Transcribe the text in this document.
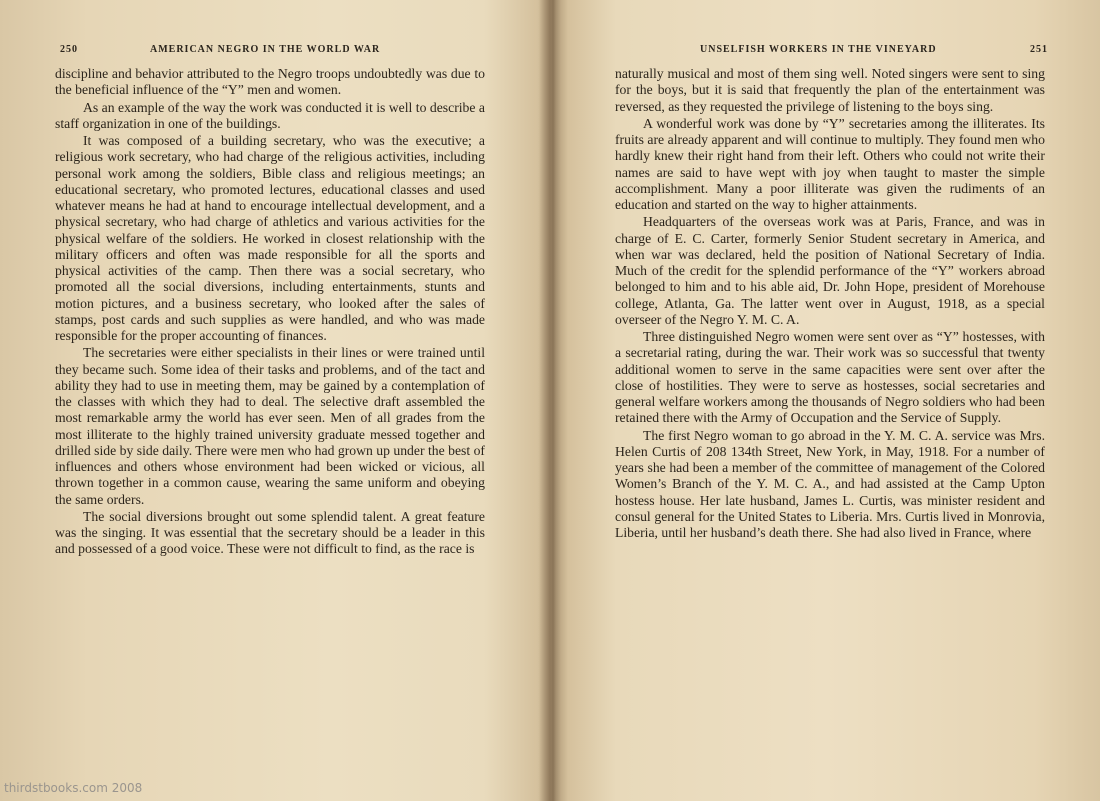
250	AMERICAN NEGRO IN THE WORLD WAR

discipline and behavior attributed to the Negro troops undoubtedly was due to the beneficial influence of the “Y” men and women.

As an example of the way the work was conducted it is well to describe a staff organization in one of the buildings.

It was composed of a building secretary, who was the executive; a religious work secretary, who had charge of the religious activities, including personal work among the soldiers, Bible class and religious meetings; an educational secretary, who promoted lectures, educational classes and used whatever means he had at hand to encourage intellectual development, and a physical secretary, who had charge of athletics and various activities for the physical welfare of the soldiers. He worked in closest relationship with the military officers and often was made responsible for all the sports and physical activities of the camp. Then there was a social secretary, who promoted all the social diversions, including entertainments, stunts and motion pictures, and a business secretary, who looked after the sales of stamps, post cards and such supplies as were handled, and who was made responsible for the proper accounting of finances.

The secretaries were either specialists in their lines or were trained until they became such. Some idea of their tasks and problems, and of the tact and ability they had to use in meeting them, may be gained by a contemplation of the classes with which they had to deal. The selective draft assembled the most remarkable army the world has ever seen. Men of all grades from the most illiterate to the highly trained university graduate messed together and drilled side by side daily. There were men who had grown up under the best of influences and others whose environment had been wicked or vicious, all thrown together in a common cause, wearing the same uniform and obeying the same orders.

The social diversions brought out some splendid talent. A great feature was the singing. It was essential that the secretary should be a leader in this and possessed of a good voice. These were not difficult to find, as the race is

UNSELFISH WORKERS IN THE VINEYARD	251

naturally musical and most of them sing well. Noted singers were sent to sing for the boys, but it is said that frequently the plan of the entertainment was reversed, as they requested the privilege of listening to the boys sing.

A wonderful work was done by “Y” secretaries among the illiterates. Its fruits are already apparent and will continue to multiply. They found men who hardly knew their right hand from their left. Others who could not write their names are said to have wept with joy when taught to master the simple accomplishment. Many a poor illiterate was given the rudiments of an education and started on the way to higher attainments.

Headquarters of the overseas work was at Paris, France, and was in charge of E. C. Carter, formerly Senior Student secretary in America, and when war was declared, held the position of National Secretary of India. Much of the credit for the splendid performance of the “Y” workers abroad belonged to him and to his able aid, Dr. John Hope, president of Morehouse college, Atlanta, Ga. The latter went over in August, 1918, as a special overseer of the Negro Y. M. C. A.

Three distinguished Negro women were sent over as “Y” hostesses, with a secretarial rating, during the war. Their work was so successful that twenty additional women to serve in the same capacities were sent over after the close of hostilities. They were to serve as hostesses, social secretaries and general welfare workers among the thousands of Negro soldiers who had been retained there with the Army of Occupation and the Service of Supply.

The first Negro woman to go abroad in the Y. M. C. A. service was Mrs. Helen Curtis of 208 134th Street, New York, in May, 1918. For a number of years she had been a member of the committee of management of the Colored Women’s Branch of the Y. M. C. A., and had assisted at the Camp Upton hostess house. Her late husband, James L. Curtis, was minister resident and consul general for the United States to Liberia. Mrs. Curtis lived in Monrovia, Liberia, until her husband’s death there. She had also lived in France, where

thirdstbooks.com 2008
